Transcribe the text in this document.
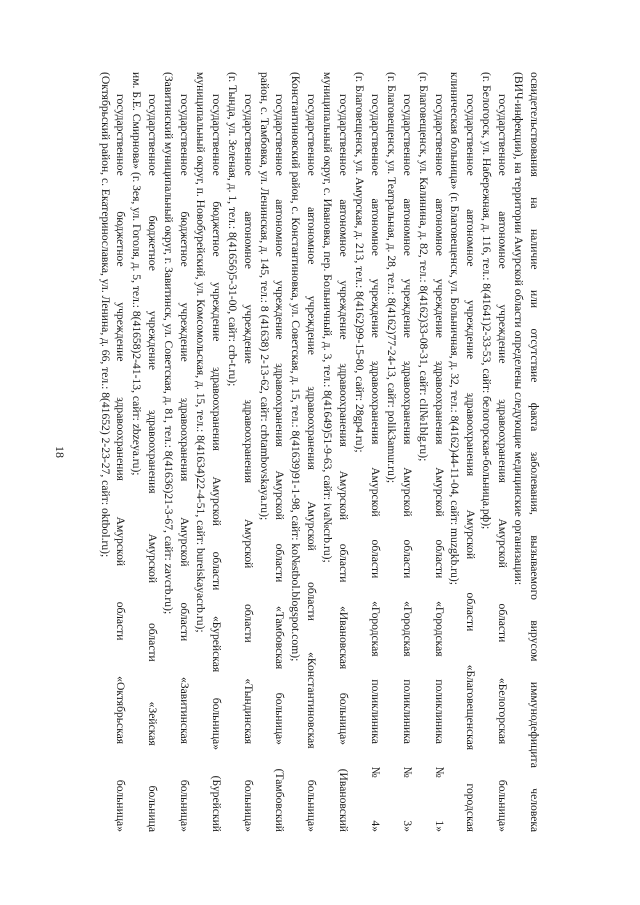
18	освидетельствования на наличие или отсутствие факта заболевания, вызываемого вирусом иммунодефицита человека
(ВИЧ-инфекции), на территории Амурской области определены следующие медицинские организации:
государственное автономное учреждение здравоохранения Амурской области «Белогорская больница»
(г. Белогорск, ул. Набережная, д. 116, тел.: 8(41641)2-33-53, сайт: белогорская-больница.рф);
государственное автономное учреждение здравоохранения Амурской области «Благовещенская городская
клиническая больница» (г. Благовещенск, ул. Больничная, д. 32, тел.: 8(4162)44-11-04, сайт: muzgkb.ru);
государственное автономное учреждение здравоохранения Амурской области «Городская поликлиника № 1»
(г. Благовещенск, ул. Калинина, д. 82, тел.: 8(4162)33-08-31, сайт: cli№1blg.ru);
государственное автономное учреждение здравоохранения Амурской области «Городская поликлиника № 3»
(г. Благовещенск, ул. Театральная, д. 28, тел.: 8(4162)77-24-13, сайт: polik3amur.ru);
государственное автономное учреждение здравоохранения Амурской области «Городская поликлиника № 4»
(г. Благовещенск, ул. Амурская, д. 213, тел.: 8(4162)99-15-80, сайт: 28gp4.ru);
государственное автономное учреждение здравоохранения Амурской области «Ивановская больница» (Ивановский
муниципальный округ, с. Ивановка, пер. Больничный, д. 3, тел.: 8(41649)51-9-63, сайт: iva№crb.ru);
государственное автономное учреждение здравоохранения Амурской области «Константиновская больница»
(Константиновский район, с. Константиновка, ул. Советская, д. 15, тел.: 8(41639)91-1-98, сайт: ko№stbol.blogspot.com);
государственное автономное учреждение здравоохранения Амурской области «Тамбовская больница» (Тамбовский
район, с. Тамбовка, ул. Ленинская, д. 145, тел.: 8 (41638) 2-13-62, сайт: crbtambovskaya.ru);
государственное автономное учреждение здравоохранения Амурской области «Тындинская больница»
(г. Тында, ул. Зеленая, д. 1, тел.: 8(41656)5-31-00, сайт: crb-t.ru);
государственное бюджетное учреждение здравоохранения Амурской области «Бурейская больница» (Бурейский
муниципальный округ, п. Новобурейский, ул. Комсомольская, д. 15, тел.: 8(41634)22-4-51, сайт: bureiskayacrb.ru);
государственное бюджетное учреждение здравоохранения Амурской области «Завитинская больница»
(Завитинский муниципальный округ, г. Завитинск, ул. Советская, д. 81, тел.: 8(41636)21-3-67, сайт: zavcrb.ru);
государственное бюджетное учреждение здравоохранения Амурской области «Зейская больница
им. Б.Е. Смирнова» (г. Зея, ул. Гоголя, д. 5, тел.: 8(41658)2-41-13, сайт: zbzeya.ru);
государственное бюджетное учреждение здравоохранения Амурской области «Октябрьская больница»
(Октябрьский район, с. Екатеринославка, ул. Ленина, д. 66, тел.: 8(41652) 2-23-27, сайт: oktbol.ru);
